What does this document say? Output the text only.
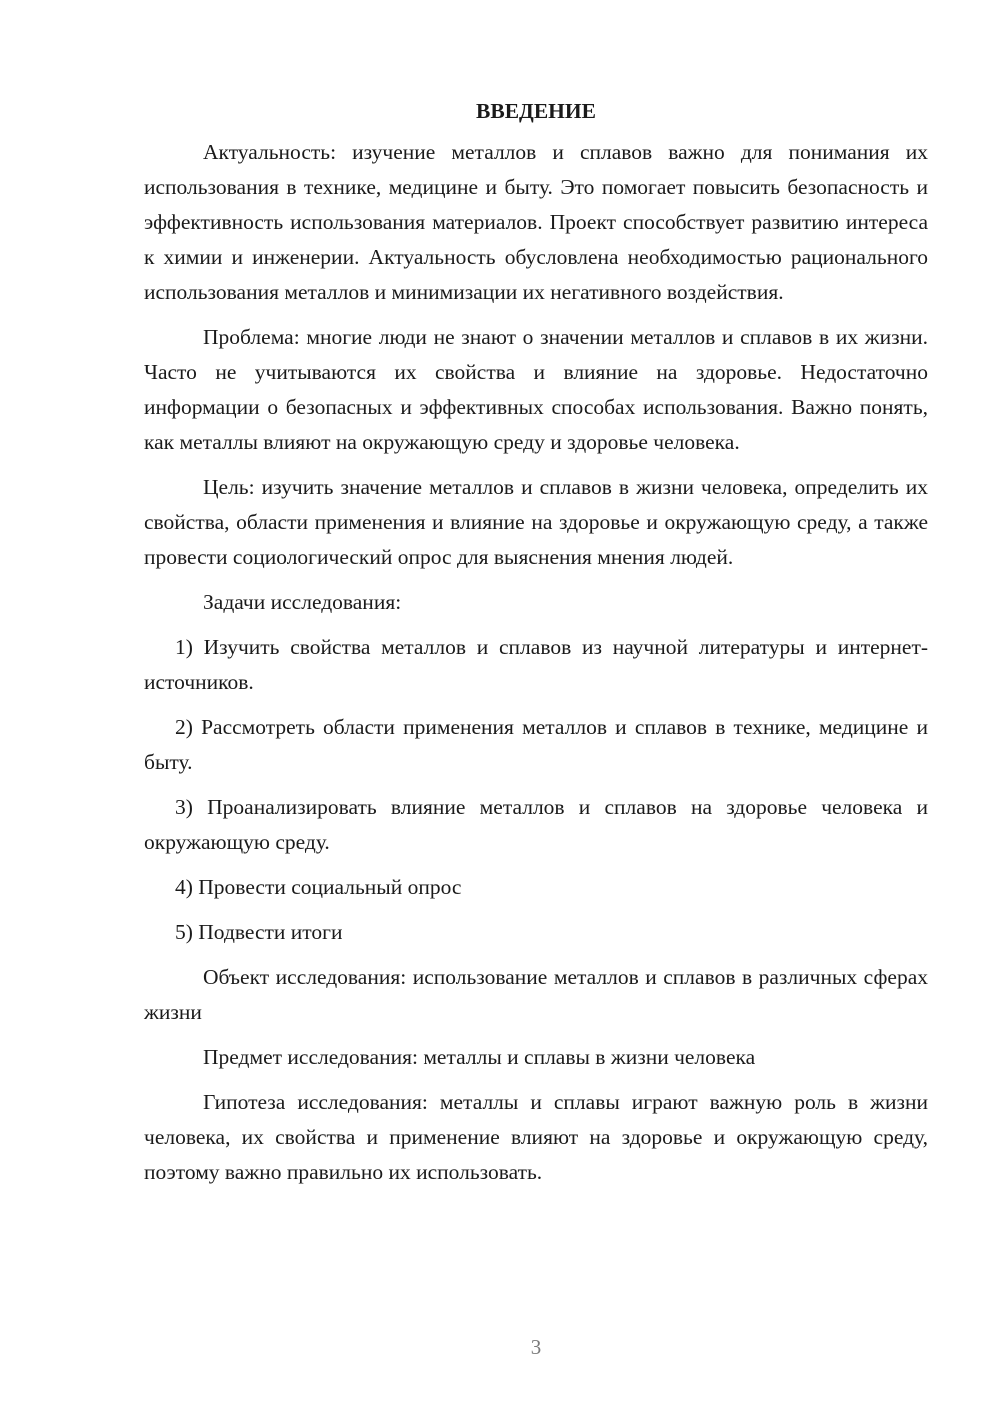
ВВЕДЕНИЕ

Актуальность: изучение металлов и сплавов важно для понимания их использования в технике, медицине и быту. Это помогает повысить безопасность и эффективность использования материалов. Проект способствует развитию интереса к химии и инженерии. Актуальность обусловлена необходимостью рационального использования металлов и минимизации их негативного воздействия.

Проблема: многие люди не знают о значении металлов и сплавов в их жизни. Часто не учитываются их свойства и влияние на здоровье. Недостаточно информации о безопасных и эффективных способах использования. Важно понять, как металлы влияют на окружающую среду и здоровье человека.

Цель: изучить значение металлов и сплавов в жизни человека, определить их свойства, области применения и влияние на здоровье и окружающую среду, а также провести социологический опрос для выяснения мнения людей.

Задачи исследования:

1) Изучить свойства металлов и сплавов из научной литературы и интернет-источников.

2) Рассмотреть области применения металлов и сплавов в технике, медицине и быту.

3) Проанализировать влияние металлов и сплавов на здоровье человека и окружающую среду.

4) Провести социальный опрос

5) Подвести итоги

Объект исследования: использование металлов и сплавов в различных сферах жизни

Предмет исследования: металлы и сплавы в жизни человека

Гипотеза исследования: металлы и сплавы играют важную роль в жизни человека, их свойства и применение влияют на здоровье и окружающую среду, поэтому важно правильно их использовать.

3
